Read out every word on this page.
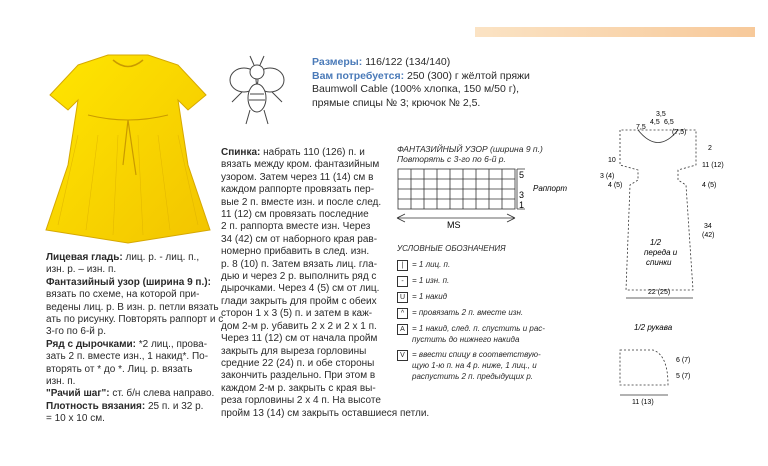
Размеры: 116/122 (134/140)
Вам потребуется: 250 (300) г жёлтой пряжи
Baumwoll Cable (100% хлопка, 150 м/50 г),
прямые спицы № 3; крючок № 2,5.
Лицевая гладь: лиц. р. - лиц. п.,
изн. р. – изн. п.
Фантазийный узор (ширина 9 п.):
вязать по схеме, на которой при-
ведены лиц. р. В изн. р. петли вязать
ать по рисунку. Повторять раппорт и с
3-го по 6-й р.
Ряд с дырочками: *2 лиц., прова-
зать 2 п. вместе изн., 1 накид*. По-
вторять от * до *. Лиц. р. вязать
изн. п.
"Рачий шаг": ст. б/н слева направо.
Плотность вязания: 25 п. и 32 р.
= 10 х 10 см.
Спинка: набрать 110 (126) п. и
вязать между кром. фантазийным
узором. Затем через 11 (14) см в
каждом раппорте провязать пер-
вые 2 п. вместе изн. и после след.
11 (12) см провязать последние
2 п. раппорта вместе изн. Через
34 (42) см от наборного края рав-
номерно прибавить в след. изн.
р. 8 (10) п. Затем вязать лиц. гла-
дью и через 2 р. выполнить ряд с
дырочками. Через 4 (5) см от лиц.
глади закрыть для пройм с обеих
сторон 1 х 3 (5) п. и затем в каж-
дом 2-м р. убавить 2 х 2 и 2 х 1 п.
Через 11 (12) см от начала пройм
закрыть для выреза горловины
средние 22 (24) п. и обе стороны
закончить раздельно. При этом в
каждом 2-м р. закрыть с края вы-
реза горловины 2 х 4 п. На высоте
пройм 13 (14) см закрыть оставшиеся петли.
ФАНТАЗИЙНЫЙ УЗОР (ширина 9 п.)
Повторять с 3-го по 6-й р.
5
3
1
Раппорт
MS
УСЛОВНЫЕ ОБОЗНАЧЕНИЯ
| = 1 лиц. п.
- = 1 изн. п.
U = 1 накид
^ = провязать 2 п. вместе изн.
A = 1 накид, след. п. спустить и рас-
пустить до нижнего накида
V = ввести спицу в соответствую-
щую 1-ю п. на 4 р. ниже, 1 лиц., и
распустить 2 п. предыдущих р.
10
3 (4)
4 (5)
2
11 (12)
4 (5)
34
(42)
3,5
4,5 6,5
7,5
(7,5)
1/2
переда и
спинки
22 (25)
1/2 рукава
6 (7)
5 (7)
11 (13)
